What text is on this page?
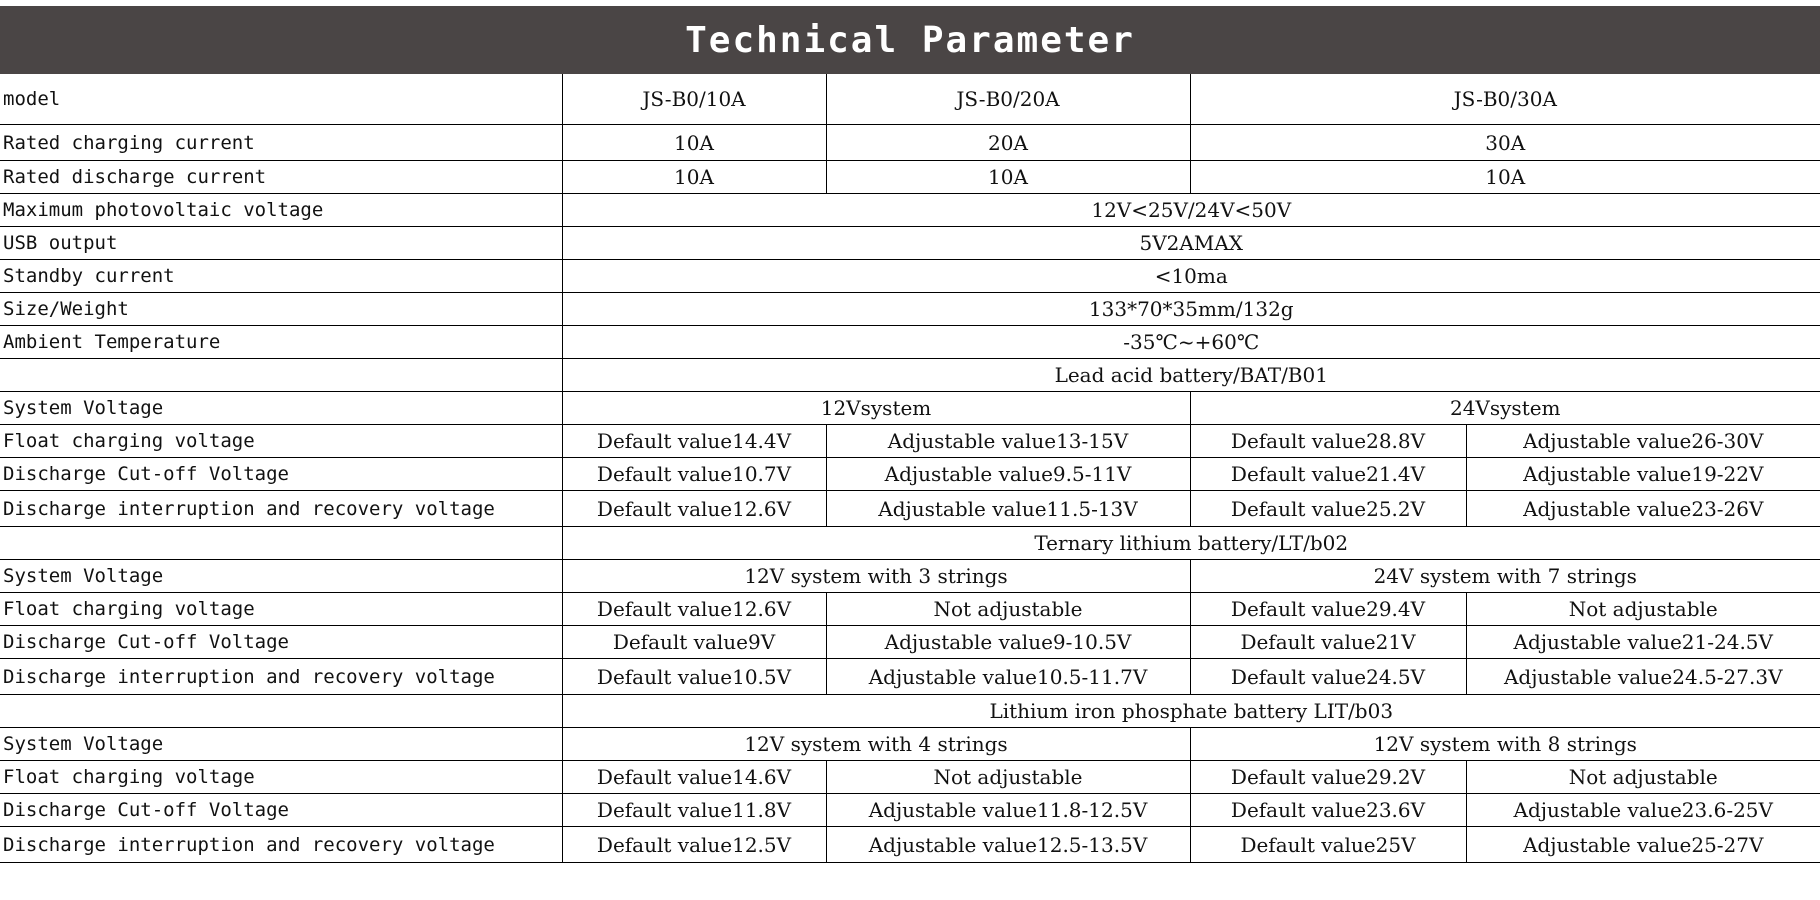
Technical Parameter
model	JS-B0/10A	JS-B0/20A	JS-B0/30A	
Rated charging current	10A	20A	30A	
Rated discharge current	10A	10A	10A	
Maximum photovoltaic voltage	12V<25V/24V<50V			
USB output	5V2AMAX			
Standby current	<10ma			
Size/Weight	133*70*35mm/132g			
Ambient Temperature	-35℃~+60℃			
	Lead acid battery/BAT/B01			
System Voltage	12Vsystem		24Vsystem	
Float charging voltage	Default value14.4V	Adjustable value13-15V	Default value28.8V	Adjustable value26-30V
Discharge Cut-off Voltage	Default value10.7V	Adjustable value9.5-11V	Default value21.4V	Adjustable value19-22V
Discharge interruption and recovery voltage	Default value12.6V	Adjustable value11.5-13V	Default value25.2V	Adjustable value23-26V
	Ternary lithium battery/LT/b02			
System Voltage	12V system with 3 strings		24V system with 7 strings	
Float charging voltage	Default value12.6V	Not adjustable	Default value29.4V	Not adjustable
Discharge Cut-off Voltage	Default value9V	Adjustable value9-10.5V	Default value21V	Adjustable value21-24.5V
Discharge interruption and recovery voltage	Default value10.5V	Adjustable value10.5-11.7V	Default value24.5V	Adjustable value24.5-27.3V
	Lithium iron phosphate battery LIT/b03			
System Voltage	12V system with 4 strings		12V system with 8 strings	
Float charging voltage	Default value14.6V	Not adjustable	Default value29.2V	Not adjustable
Discharge Cut-off Voltage	Default value11.8V	Adjustable value11.8-12.5V	Default value23.6V	Adjustable value23.6-25V
Discharge interruption and recovery voltage	Default value12.5V	Adjustable value12.5-13.5V	Default value25V	Adjustable value25-27V
